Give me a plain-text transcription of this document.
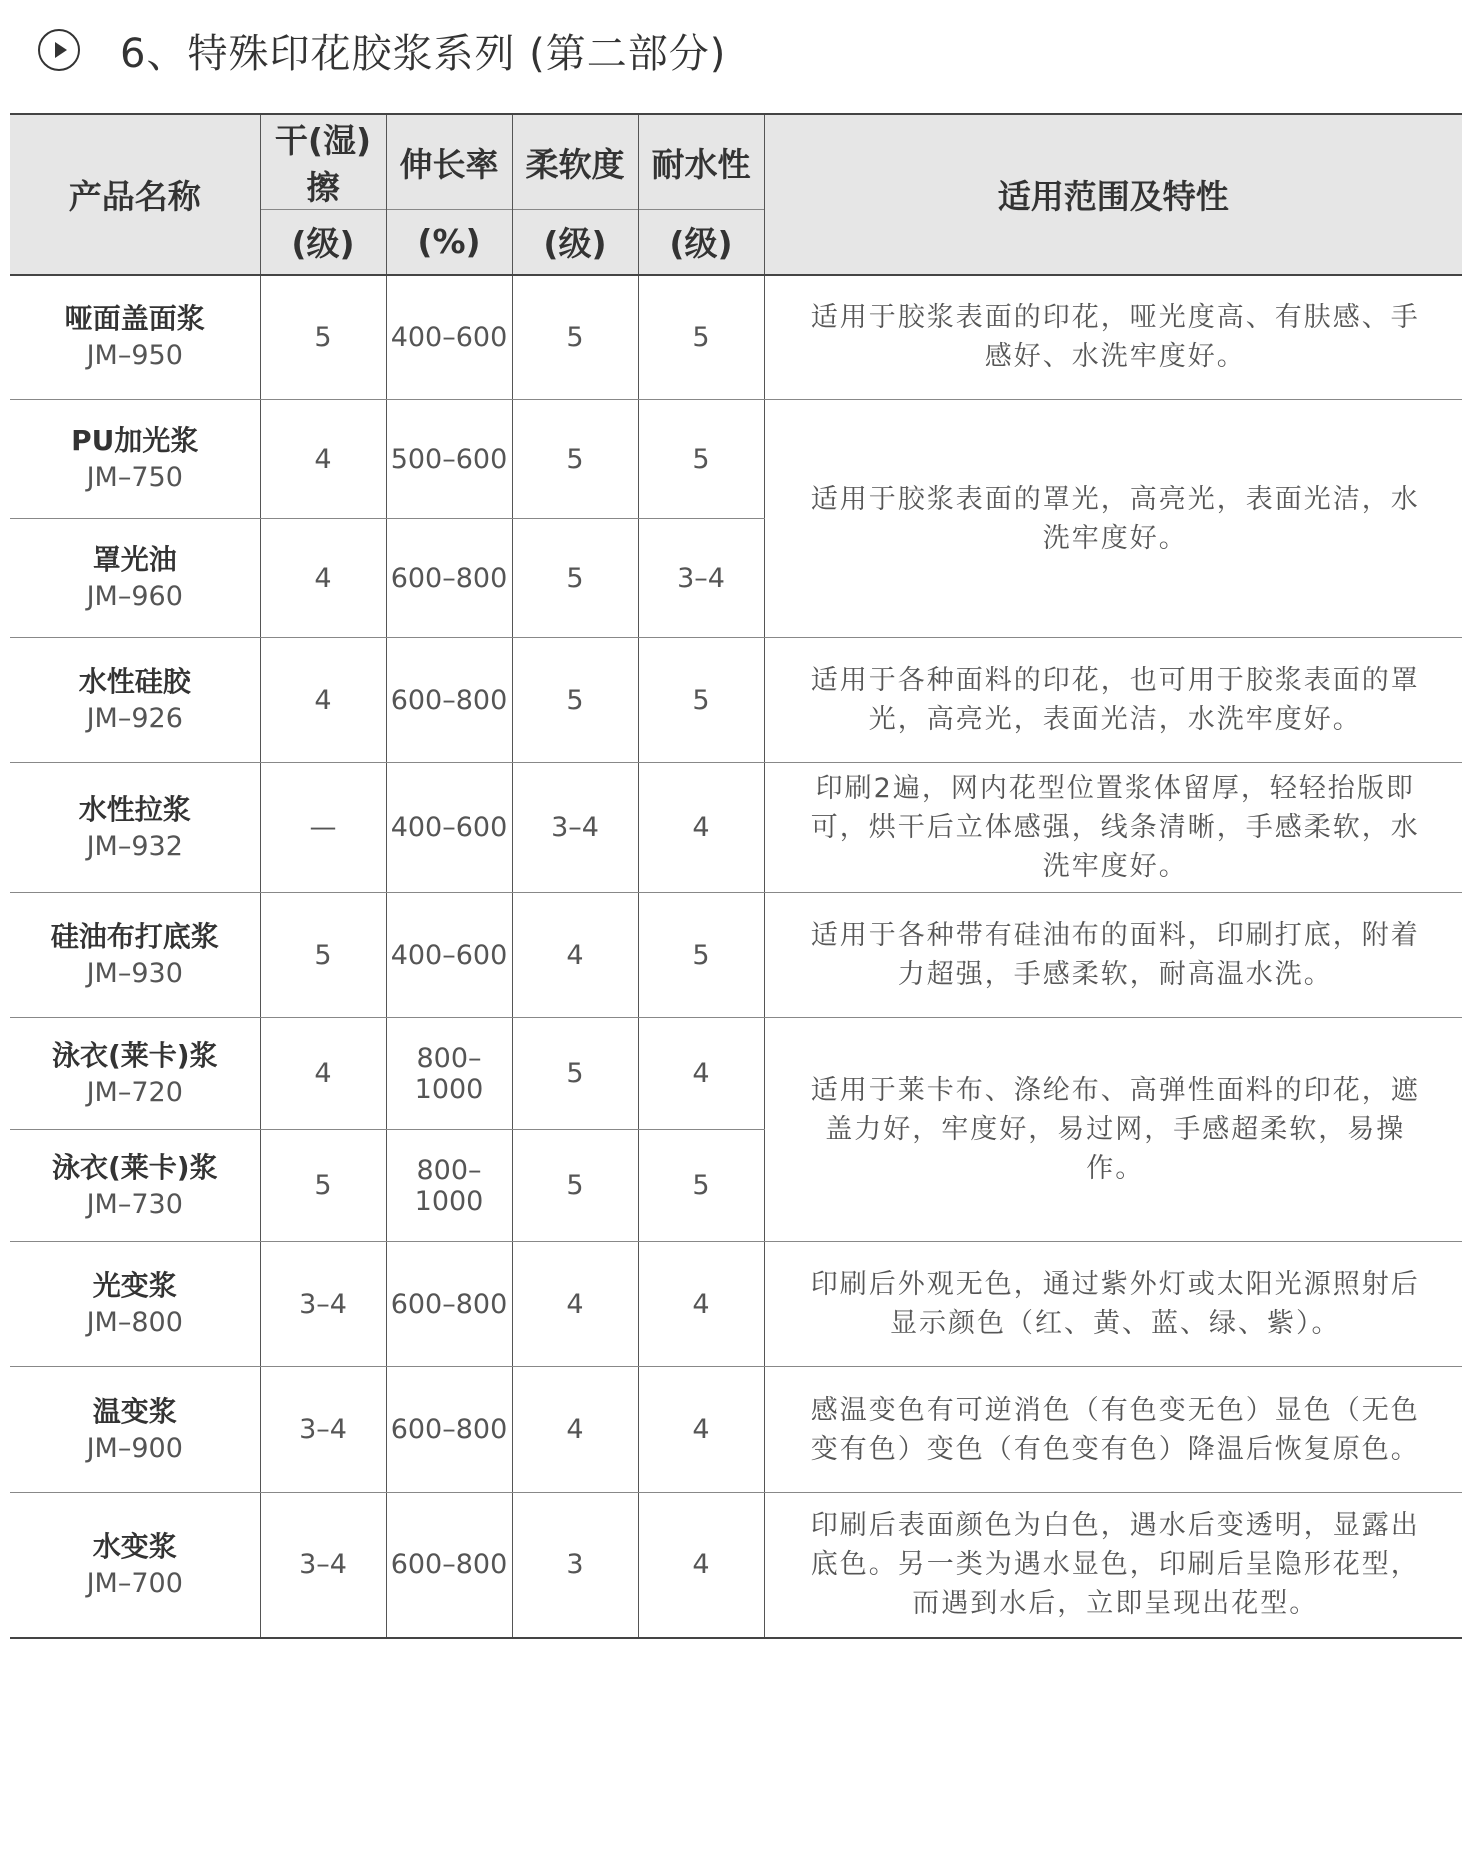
6、特殊印花胶浆系列 (第二部分)
产品名称	干(湿)擦	伸长率	柔软度	耐水性	适用范围及特性
	(级)	(%)	(级)	(级)	

哑面盖面浆
JM–950	5	400–600	5	5	适用于胶浆表面的印花，哑光度高、有肤感、手感好、水洗牢度好。

PU加光浆
JM–750	4	500–600	5	5	适用于胶浆表面的罩光，高亮光，表面光洁，水洗牢度好。

罩光油
JM–960	4	600–800	5	3–4	

水性硅胶
JM–926	4	600–800	5	5	适用于各种面料的印花，也可用于胶浆表面的罩光，高亮光，表面光洁，水洗牢度好。

水性拉浆
JM–932	—	400–600	3–4	4	印刷2遍，网内花型位置浆体留厚，轻轻抬版即可，烘干后立体感强，线条清晰，手感柔软，水洗牢度好。

硅油布打底浆
JM–930	5	400–600	4	5	适用于各种带有硅油布的面料，印刷打底，附着力超强，手感柔软，耐高温水洗。

泳衣(莱卡)浆
JM–720	4	800–1000	5	4	适用于莱卡布、涤纶布、高弹性面料的印花，遮盖力好，牢度好，易过网，手感超柔软，易操作。

泳衣(莱卡)浆
JM–730	5	800–1000	5	5	

光变浆
JM–800	3–4	600–800	4	4	印刷后外观无色，通过紫外灯或太阳光源照射后显示颜色（红、黄、蓝、绿、紫）。

温变浆
JM–900	3–4	600–800	4	4	感温变色有可逆消色（有色变无色）显色（无色变有色）变色（有色变有色）降温后恢复原色。

水变浆
JM–700	3–4	600–800	3	4	印刷后表面颜色为白色，遇水后变透明，显露出底色。另一类为遇水显色，印刷后呈隐形花型，而遇到水后，立即呈现出花型。
